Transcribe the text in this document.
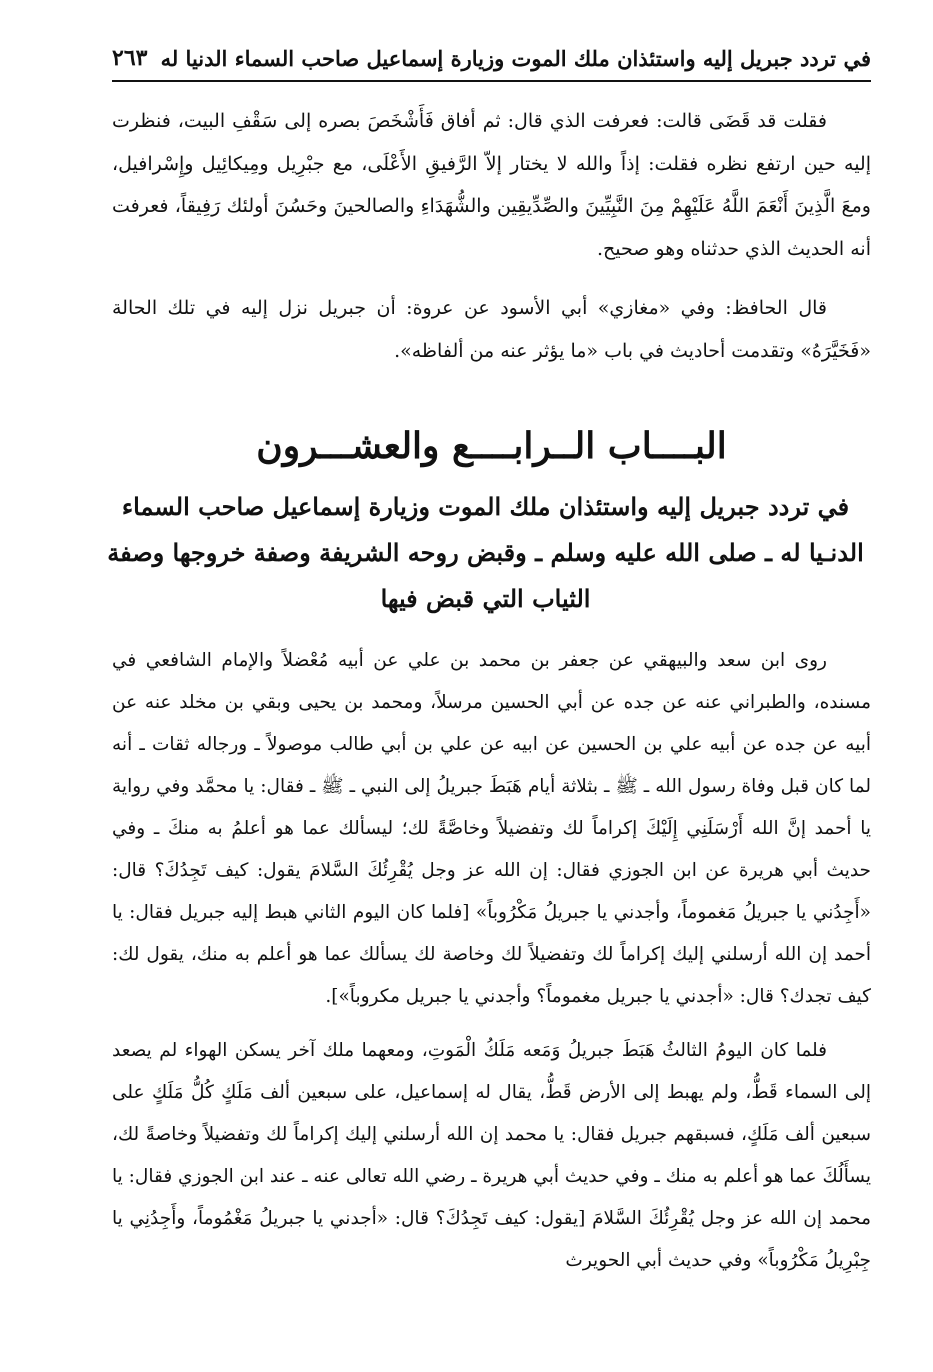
في تردد جبريل إليه واستئذان ملك الموت وزيارة إسماعيل صاحب السماء الدنيا له
٢٦٣

فقلت قد قَضَى قالت: فعرفت الذي قال: ثم أفاق فَأَشْخَصَ بصره إلى سَقْفِ البيت، فنظرت إليه حين ارتفع نظره فقلت: إذاً والله لا يختار إلاّ الرَّفيقِ الأَعْلَى، مع جبْرِيل ومِيكائِيل وإِسْرافيل، ومعَ الَّذِينَ أَنْعَمَ اللَّهُ عَلَيْهِمْ مِنَ النَّبِيِّينَ والصِّدِّيقِين والشُّهَدَاءِ والصالحينَ وحَسُنَ أولئك رَفِيقاً، فعرفت أنه الحديث الذي حدثناه وهو صحيح.

قال الحافظ: وفي «مغازي» أبي الأسود عن عروة: أن جبريل نزل إليه في تلك الحالة «فَخَيَّرَهُ» وتقدمت أحاديث في باب «ما يؤثر عنه من ألفاظه».

البــــاب الــرابــــع والعشـــرون
في تردد جبريل إليه واستئذان ملك الموت وزيارة إسماعيل صاحب السماء الدنـيا له ـ صلى الله عليه وسلم ـ وقبض روحه الشريفة وصفة خروجها وصفة الثياب التي قبض فيها

روى ابن سعد والبيهقي عن جعفر بن محمد بن علي عن أبيه مُعْضلاً والإمام الشافعي في مسنده، والطبراني عنه عن جده عن أبي الحسين مرسلاً، ومحمد بن يحيى وبقي بن مخلد عنه عن أبيه عن جده عن أبيه علي بن الحسين عن ابيه عن علي بن أبي طالب موصولاً ـ ورجاله ثقات ـ أنه لما كان قبل وفاة رسول الله ـ ﷺ ـ بثلاثة أيام هَبَطَ جبريلُ إلى النبي ـ ﷺ ـ فقال: يا محمَّد وفي رواية يا أحمد إنَّ الله أَرْسَلَنِي إِلَيْكَ إكراماً لك وتفضيلاً وخاصَّةً لك؛ ليسألك عما هو أعلمُ به منكَ ـ وفي حديث أبي هريرة عن ابن الجوزي فقال: إن الله عز وجل يُقْرِئُكَ السَّلامَ يقول: كيف تَجِدُكَ؟ قال: «أَجِدُني يا جبريلُ مَغموماً، وأجدني يا جبريلُ مَكْرُوباً» [فلما كان اليوم الثاني هبط إليه جبريل فقال: يا أحمد إن الله أرسلني إليك إكراماً لك وتفضيلاً لك وخاصة لك يسألك عما هو أعلم به منك، يقول لك: كيف تجدك؟ قال: «أجدني يا جبريل مغموماً؟ وأجدني يا جبريل مكروباً»].

فلما كان اليومُ الثالثُ هَبَطَ جبريلُ وَمَعه مَلَكُ الْمَوتِ، ومعهما ملك آخر يسكن الهواء لم يصعد إلى السماء قَطُّ، ولم يهبط إلى الأرض قَطُّ، يقال له إسماعيل، على سبعين ألف مَلَكٍ كُلُّ مَلَكٍ على سبعين ألف مَلَكٍ، فسبقهم جبريل فقال: يا محمد إن الله أرسلني إليك إكراماً لك وتفضيلاً وخاصةً لك، يسأَلُكَ عما هو أعلم به منك ـ وفي حديث أبي هريرة ـ رضي الله تعالى عنه ـ عند ابن الجوزي فقال: يا محمد إن الله عز وجل يُقْرِئُكَ السَّلامَ [يقول: كيف تَجِدُكَ؟ قال: «أجدني يا جبريلُ مَغْمُوماً، وأَجِدُنِي يا جِبْرِيلُ مَكْرُوباً» وفي حديث أبي الحويرث
